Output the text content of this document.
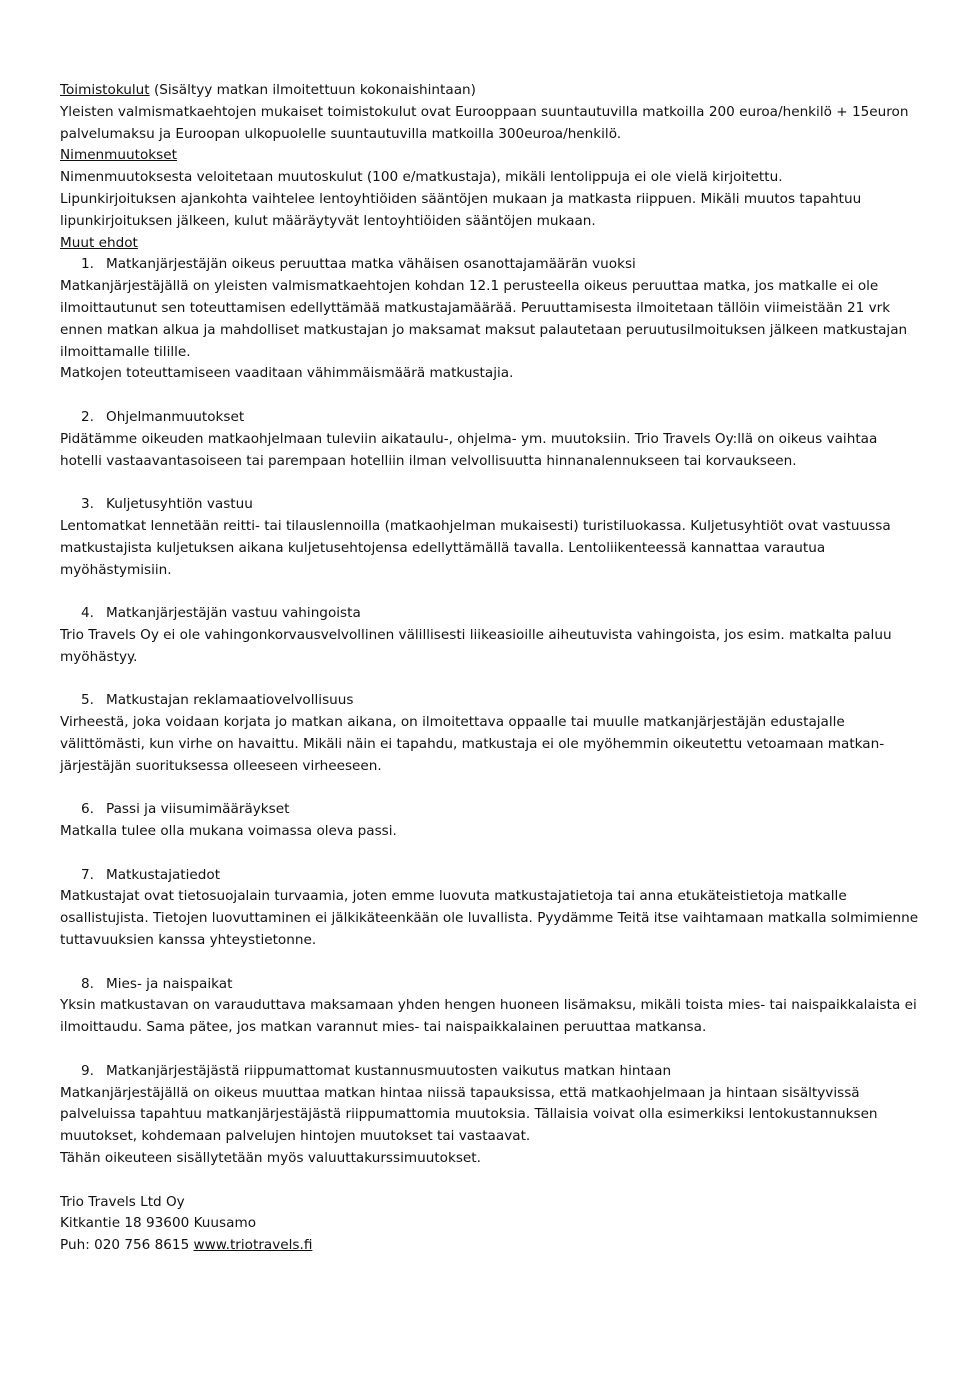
Toimistokulut (Sisältyy matkan ilmoitettuun kokonaishintaan)

Yleisten valmismatkaehtojen mukaiset toimistokulut ovat Eurooppaan suuntautuvilla matkoilla 200 euroa/henkilö + 15euron palvelumaksu ja Euroopan ulkopuolelle suuntautuvilla matkoilla 300euroa/henkilö.

Nimenmuutokset

Nimenmuutoksesta veloitetaan muutoskulut (100 e/matkustaja), mikäli lentolippuja ei ole vielä kirjoitettu.

Lipunkirjoituksen ajankohta vaihtelee lentoyhtiöiden sääntöjen mukaan ja matkasta riippuen. Mikäli muutos tapahtuu lipunkirjoituksen jälkeen, kulut määräytyvät lentoyhtiöiden sääntöjen mukaan.

Muut ehdot

1. Matkanjärjestäjän oikeus peruuttaa matka vähäisen osanottajamäärän vuoksi

Matkanjärjestäjällä on yleisten valmismatkaehtojen kohdan 12.1 perusteella oikeus peruuttaa matka, jos matkalle ei ole ilmoittautunut sen toteuttamisen edellyttämää matkustajamäärää. Peruuttamisesta ilmoitetaan tällöin viimeistään 21 vrk ennen matkan alkua ja mahdolliset matkustajan jo maksamat maksut palautetaan peruutusilmoituksen jälkeen matkustajan ilmoittamalle tilille.

Matkojen toteuttamiseen vaaditaan vähimmäismäärä matkustajia.

2. Ohjelmanmuutokset

Pidätämme oikeuden matkaohjelmaan tuleviin aikataulu-, ohjelma- ym. muutoksiin. Trio Travels Oy:llä on oikeus vaihtaa hotelli vastaavantasoiseen tai parempaan hotelliin ilman velvollisuutta hinnanalennukseen tai korvaukseen.

3. Kuljetusyhtiön vastuu

Lentomatkat lennetään reitti- tai tilauslennoilla (matkaohjelman mukaisesti) turistiluokassa. Kuljetusyhtiöt ovat vastuussa matkustajista kuljetuksen aikana kuljetusehtojensa edellyttämällä tavalla. Lentoliikenteessä kannattaa varautua myöhästymisiin.

4. Matkanjärjestäjän vastuu vahingoista

Trio Travels Oy ei ole vahingonkorvausvelvollinen välillisesti liikeasioille aiheutuvista vahingoista, jos esim. matkalta paluu myöhästyy.

5. Matkustajan reklamaatiovelvollisuus

Virheestä, joka voidaan korjata jo matkan aikana, on ilmoitettava oppaalle tai muulle matkanjärjestäjän edustajalle välittömästi, kun virhe on havaittu. Mikäli näin ei tapahdu, matkustaja ei ole myöhemmin oikeutettu vetoamaan matkan-järjestäjän suorituksessa olleeseen virheeseen.

6. Passi ja viisumimääräykset

Matkalla tulee olla mukana voimassa oleva passi.

7. Matkustajatiedot

Matkustajat ovat tietosuojalain turvaamia, joten emme luovuta matkustajatietoja tai anna etukäteistietoja matkalle osallistujista. Tietojen luovuttaminen ei jälkikäteenkään ole luvallista. Pyydämme Teitä itse vaihtamaan matkalla solmimienne tuttavuuksien kanssa yhteystietonne.

8. Mies- ja naispaikat

Yksin matkustavan on varauduttava maksamaan yhden hengen huoneen lisämaksu, mikäli toista mies- tai naispaikkalaista ei ilmoittaudu. Sama pätee, jos matkan varannut mies- tai naispaikkalainen peruuttaa matkansa.

9. Matkanjärjestäjästä riippumattomat kustannusmuutosten vaikutus matkan hintaan

Matkanjärjestäjällä on oikeus muuttaa matkan hintaa niissä tapauksissa, että matkaohjelmaan ja hintaan sisältyvissä palveluissa tapahtuu matkanjärjestäjästä riippumattomia muutoksia. Tällaisia voivat olla esimerkiksi lentokustannuksen muutokset, kohdemaan palvelujen hintojen muutokset tai vastaavat.

Tähän oikeuteen sisällytetään myös valuuttakurssimuutokset.

Trio Travels Ltd Oy

Kitkantie 18 93600 Kuusamo

Puh: 020 756 8615 www.triotravels.fi
